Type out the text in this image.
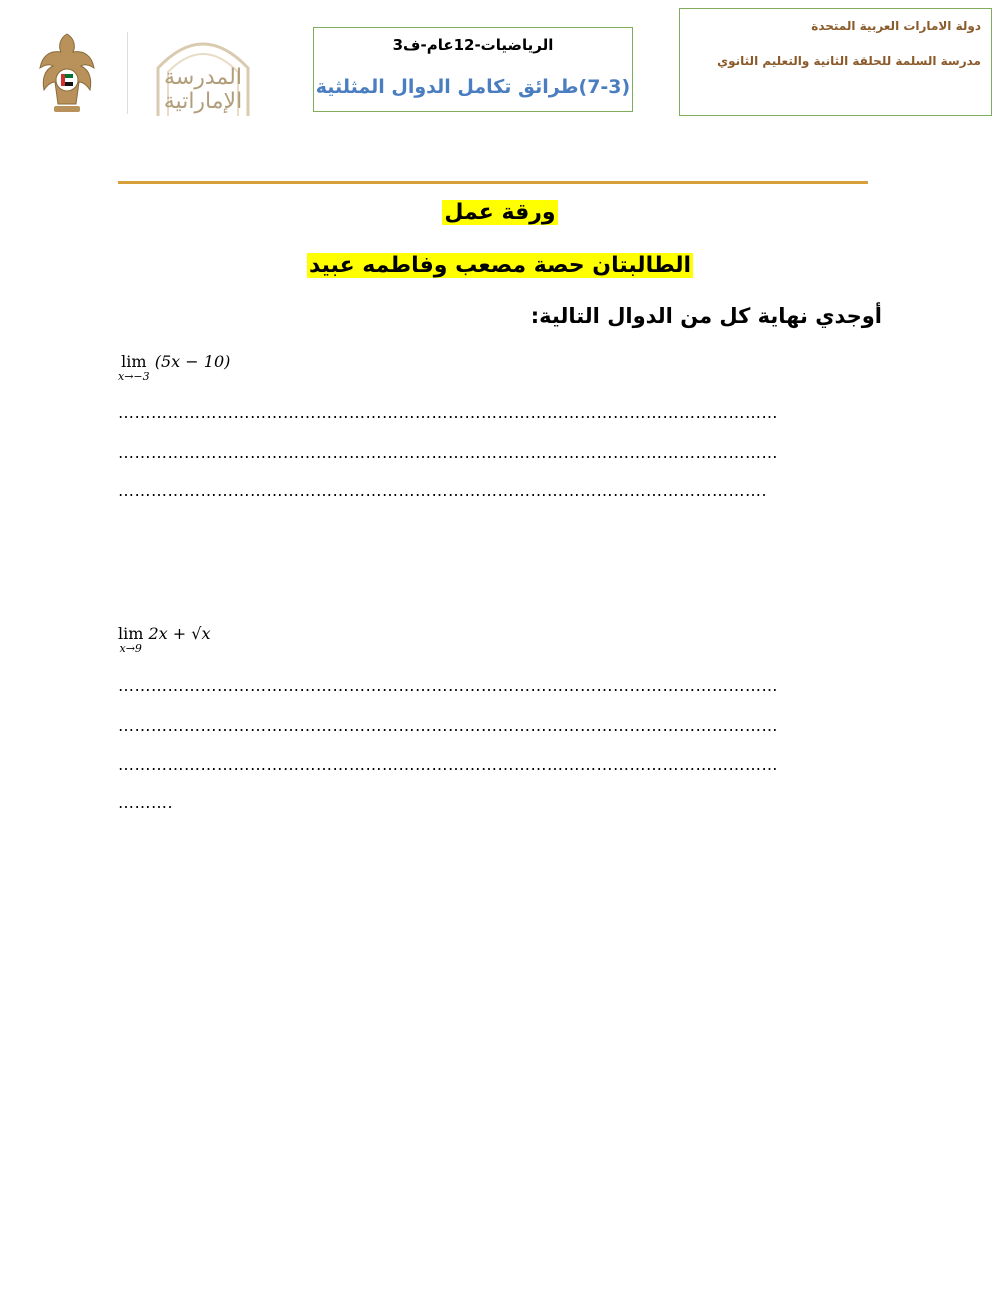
المدرسة
الإماراتية
الرياضيات-12عام-ف3
(7-3)طرائق تكامل الدوال المثلثية
دولة الامارات العربية المتحدة
مدرسة السلمة للحلقة الثانية والتعليم الثانوي
ورقة عمل
الطالبتان حصة مصعب وفاطمه عبيد
أوجدي نهاية كل من الدوال التالية:
lim
x→−3
(5x − 10)
…………………………………………………………………………………………………………
…………………………………………………………………………………………………………
……………………………………………………………………………………………………….
lim
x→9
2x + √x
…………………………………………………………………………………………………………
…………………………………………………………………………………………………………
…………………………………………………………………………………………………………
……….
